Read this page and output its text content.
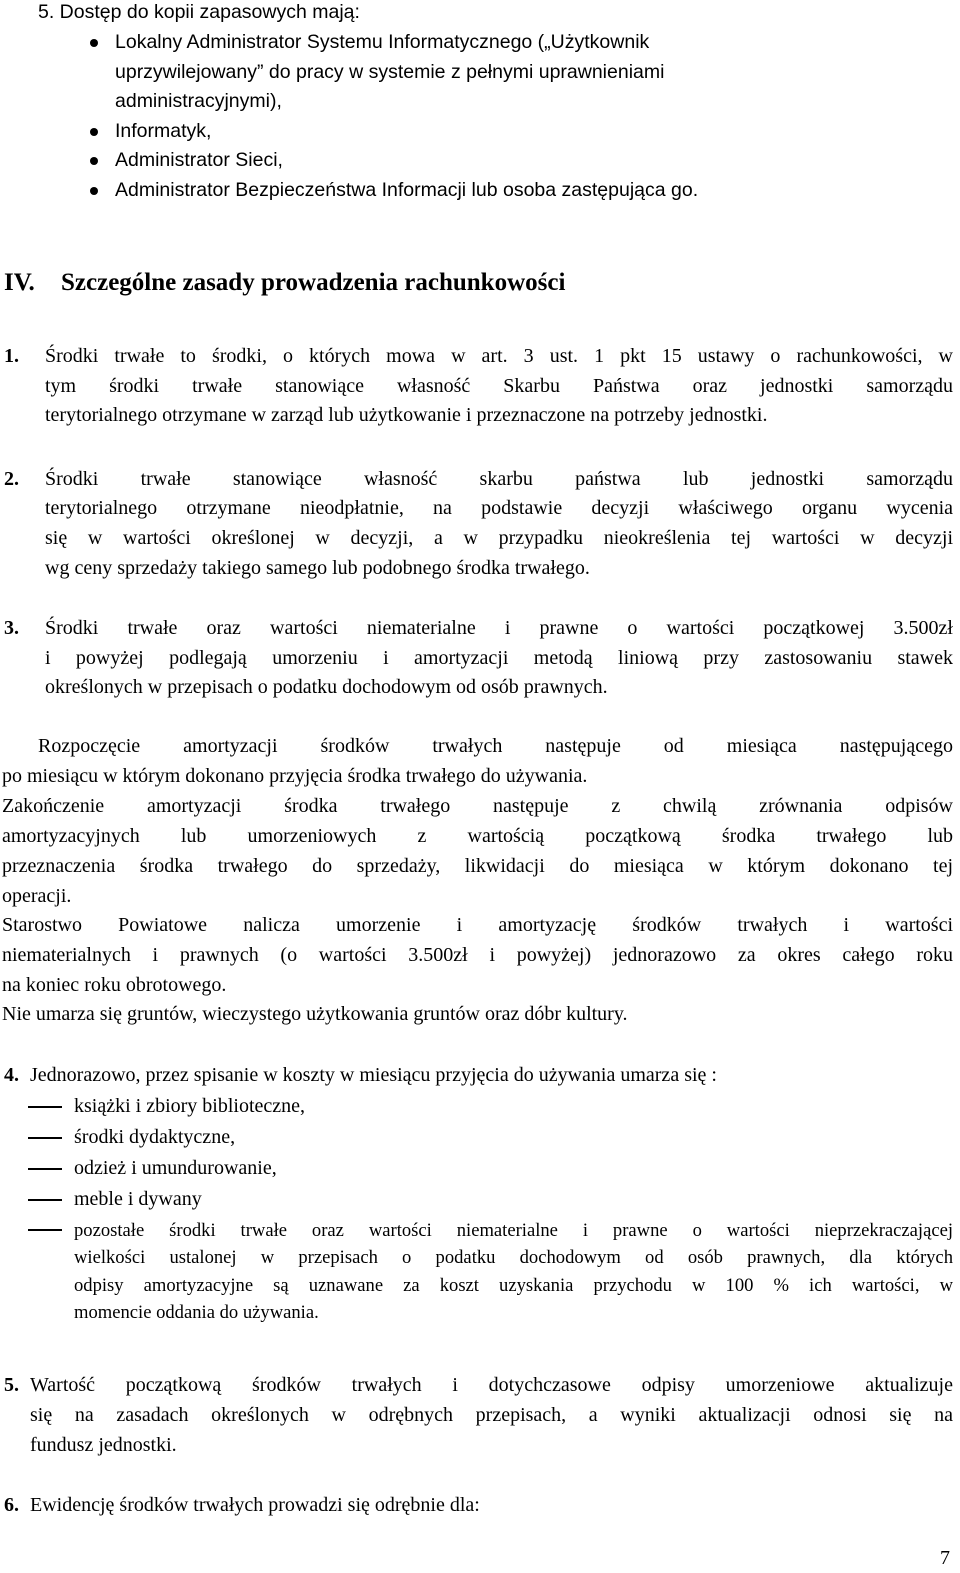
5. Dostęp do kopii zapasowych mają:
Lokalny Administrator Systemu Informatycznego („Użytkownik
uprzywilejowany” do pracy w systemie z pełnymi uprawnieniami
administracyjnymi),
Informatyk,
Administrator Sieci,
Administrator Bezpieczeństwa Informacji lub osoba zastępująca go.
IV. Szczególne zasady prowadzenia rachunkowości
1. Środki trwałe to środki, o których mowa w art. 3 ust. 1 pkt 15 ustawy o rachunkowości, w
tym środki trwałe stanowiące własność Skarbu Państwa oraz jednostki samorządu
terytorialnego otrzymane w zarząd lub użytkowanie i przeznaczone na potrzeby jednostki.
2. Środki trwałe stanowiące własność skarbu państwa lub jednostki samorządu
terytorialnego otrzymane nieodpłatnie, na podstawie decyzji właściwego organu wycenia
się w wartości określonej w decyzji, a w przypadku nieokreślenia tej wartości w decyzji
wg ceny sprzedaży takiego samego lub podobnego środka trwałego.
3. Środki trwałe oraz wartości niematerialne i prawne o wartości początkowej 3.500zł
i powyżej podlegają umorzeniu i amortyzacji metodą liniową przy zastosowaniu stawek
określonych w przepisach o podatku dochodowym od osób prawnych.
Rozpoczęcie amortyzacji środków trwałych następuje od miesiąca następującego
po miesiącu w którym dokonano przyjęcia środka trwałego do używania.
Zakończenie amortyzacji środka trwałego następuje z chwilą zrównania odpisów
amortyzacyjnych lub umorzeniowych z wartością początkową środka trwałego lub
przeznaczenia środka trwałego do sprzedaży, likwidacji do miesiąca w którym dokonano tej
operacji.
Starostwo Powiatowe nalicza umorzenie i amortyzację środków trwałych i wartości
niematerialnych i prawnych (o wartości 3.500zł i powyżej) jednorazowo za okres całego roku
na koniec roku obrotowego.
Nie umarza się gruntów, wieczystego użytkowania gruntów oraz dóbr kultury.
4. Jednorazowo, przez spisanie w koszty w miesiącu przyjęcia do używania umarza się :
książki i zbiory biblioteczne,
środki dydaktyczne,
odzież i umundurowanie,
meble i dywany
pozostałe środki trwałe oraz wartości niematerialne i prawne o wartości nieprzekraczającej
wielkości ustalonej w przepisach o podatku dochodowym od osób prawnych, dla których
odpisy amortyzacyjne są uznawane za koszt uzyskania przychodu w 100 % ich wartości, w
momencie oddania do używania.
5. Wartość początkową środków trwałych i dotychczasowe odpisy umorzeniowe aktualizuje
się na zasadach określonych w odrębnych przepisach, a wyniki aktualizacji odnosi się na
fundusz jednostki.
6. Ewidencję środków trwałych prowadzi się odrębnie dla:
7
